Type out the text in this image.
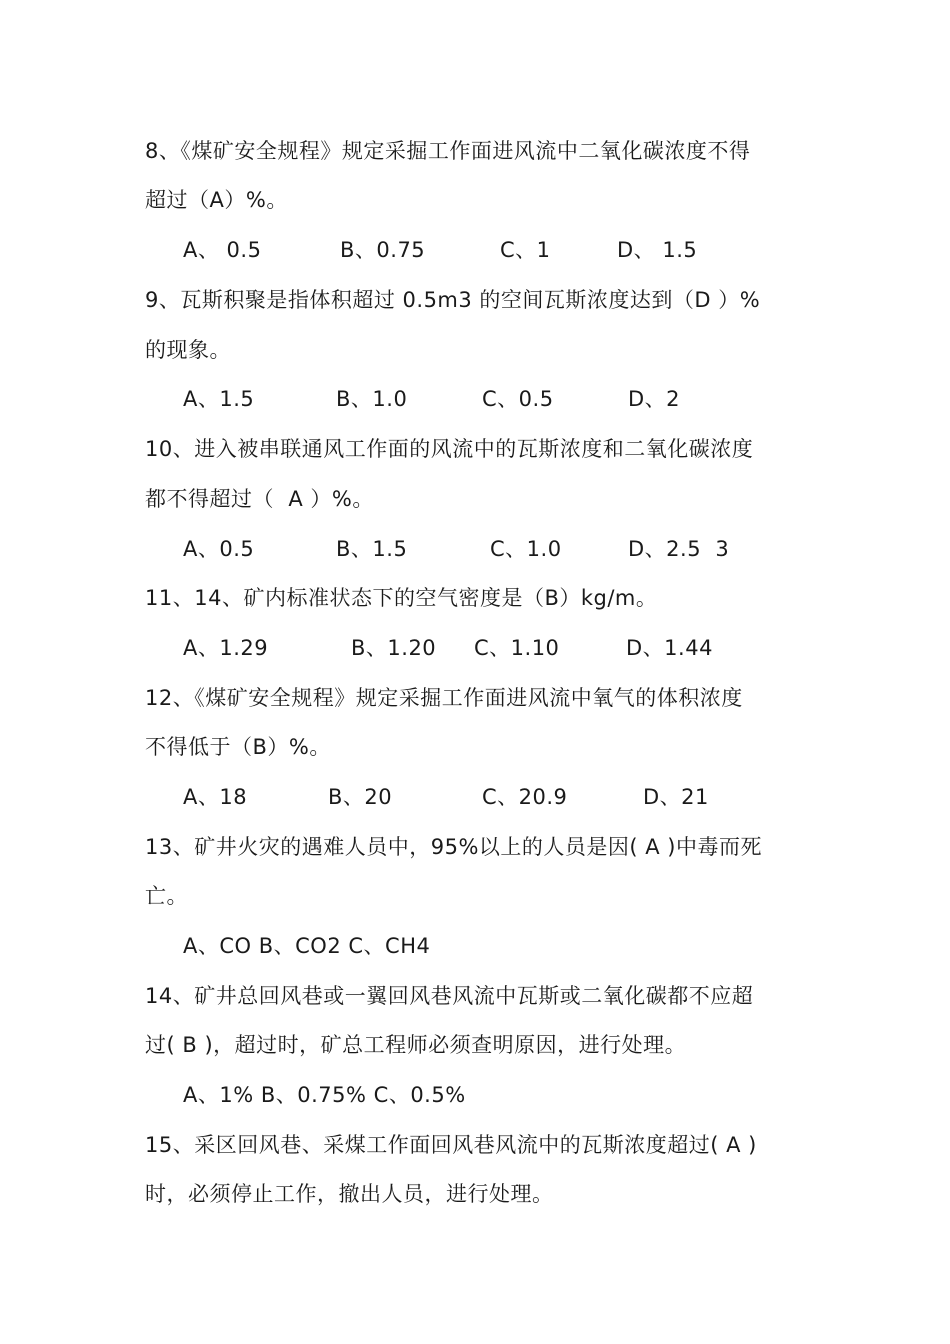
8、《煤矿安全规程》规定采掘工作面进风流中二氧化碳浓度不得
超过（A）%。

A、 0.5

	B、0.75

	C、1

	D、 1.5

9、瓦斯积聚是指体积超过 0.5m3 的空间瓦斯浓度达到（D ）%
的现象。

A、1.5

	B、1.0

	C、0.5

	D、2

10、进入被串联通风工作面的风流中的瓦斯浓度和二氧化碳浓度
都不得超过（  A ）%。

A、0.5

	B、1.5

	C、1.0

	D、2.5  3

11、14、矿内标准状态下的空气密度是（B）kg/m。

A、1.29

	B、1.20

C、1.10

	D、1.44

12、《煤矿安全规程》规定采掘工作面进风流中氧气的体积浓度
不得低于（B）%。

A、18

	B、20

	C、20.9

	D、21

13、矿井火灾的遇难人员中，95%以上的人员是因( A )中毒而死
亡。
A、CO B、CO2 C、CH4
14、矿井总回风巷或一翼回风巷风流中瓦斯或二氧化碳都不应超
过( B )，超过时，矿总工程师必须查明原因，进行处理。
A、1% B、0.75% C、0.5%
15、采区回风巷、采煤工作面回风巷风流中的瓦斯浓度超过( A )
时，必须停止工作，撤出人员，进行处理。
